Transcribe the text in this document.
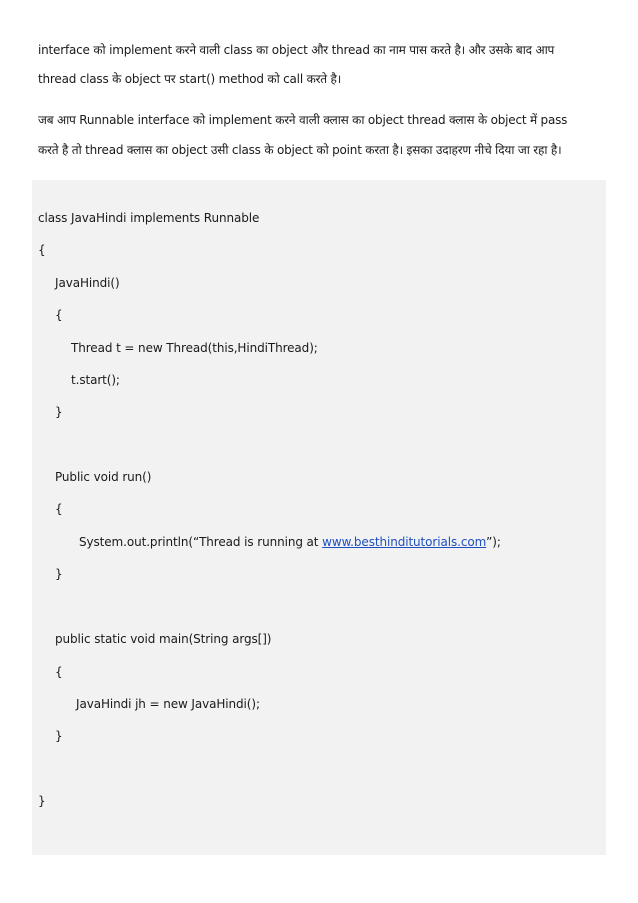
interface को implement करने वाली class का object और thread का नाम पास करते है। और उसके बाद आप
thread class के object पर start() method को call करते है।
जब आप Runnable interface को implement करने वाली क्लास का object thread क्लास के object में pass
करते है तो thread क्लास का object उसी class के object को point करता है। इसका उदाहरण नीचे दिया जा रहा है।
class JavaHindi implements Runnable
{
JavaHindi()
{
Thread t = new Thread(this,HindiThread);
t.start();
}
Public void run()
{
System.out.println(“Thread is running at www.besthinditutorials.com”);
}
public static void main(String args[])
{
JavaHindi jh = new JavaHindi();
}
}
